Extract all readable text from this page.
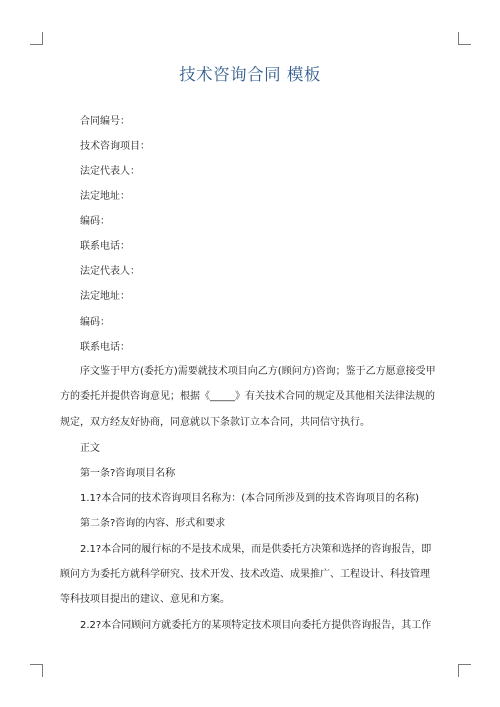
技术咨询合同 模板
合同编号：
技术咨询项目：
法定代表人：
法定地址：
编码：
联系电话：
法定代表人：
法定地址：
编码：
联系电话：
序文鉴于甲方(委托方)需要就技术项目向乙方(顾问方)咨询；鉴于乙方愿意接受甲
方的委托并提供咨询意见；根据《_____》有关技术合同的规定及其他相关法律法规的
规定，双方经友好协商，同意就以下条款订立本合同，共同信守执行。
正文
第一条?咨询项目名称
1.1?本合同的技术咨询项目名称为：(本合同所涉及到的技术咨询项目的名称)
第二条?咨询的内容、形式和要求
2.1?本合同的履行标的不是技术成果，而是供委托方决策和选择的咨询报告，即
顾问方为委托方就科学研究、技术开发、技术改造、成果推广、工程设计、科技管理
等科技项目提出的建议、意见和方案。
2.2?本合同顾问方就委托方的某项特定技术项目向委托方提供咨询报告，其工作
